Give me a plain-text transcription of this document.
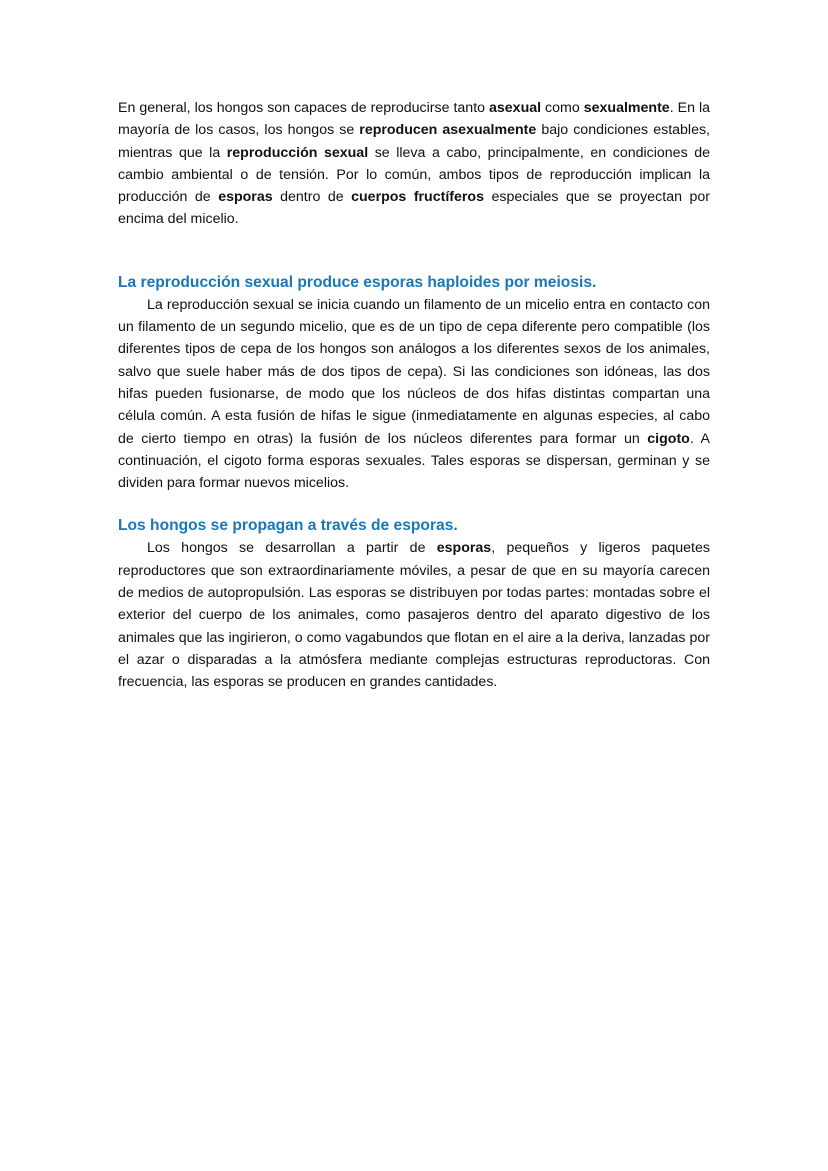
En general, los hongos son capaces de reproducirse tanto asexual como sexualmente. En la mayoría de los casos, los hongos se reproducen asexualmente bajo condiciones estables, mientras que la reproducción sexual se lleva a cabo, principalmente, en condiciones de cambio ambiental o de tensión. Por lo común, ambos tipos de reproducción implican la producción de esporas dentro de cuerpos fructíferos especiales que se proyectan por encima del micelio.

La reproducción sexual produce esporas haploides por meiosis.

La reproducción sexual se inicia cuando un filamento de un micelio entra en contacto con un filamento de un segundo micelio, que es de un tipo de cepa diferente pero compatible (los diferentes tipos de cepa de los hongos son análogos a los diferentes sexos de los animales, salvo que suele haber más de dos tipos de cepa). Si las condiciones son idóneas, las dos hifas pueden fusionarse, de modo que los núcleos de dos hifas distintas compartan una célula común. A esta fusión de hifas le sigue (inmediatamente en algunas especies, al cabo de cierto tiempo en otras) la fusión de los núcleos diferentes para formar un cigoto. A continuación, el cigoto forma esporas sexuales. Tales esporas se dispersan, germinan y se dividen para formar nuevos micelios.

Los hongos se propagan a través de esporas.

Los hongos se desarrollan a partir de esporas, pequeños y ligeros paquetes reproductores que son extraordinariamente móviles, a pesar de que en su mayoría carecen de medios de autopropulsión. Las esporas se distribuyen por todas partes: montadas sobre el exterior del cuerpo de los animales, como pasajeros dentro del aparato digestivo de los animales que las ingirieron, o como vagabundos que flotan en el aire a la deriva, lanzadas por el azar o disparadas a la atmósfera mediante complejas estructuras reproductoras. Con frecuencia, las esporas se producen en grandes cantidades.
